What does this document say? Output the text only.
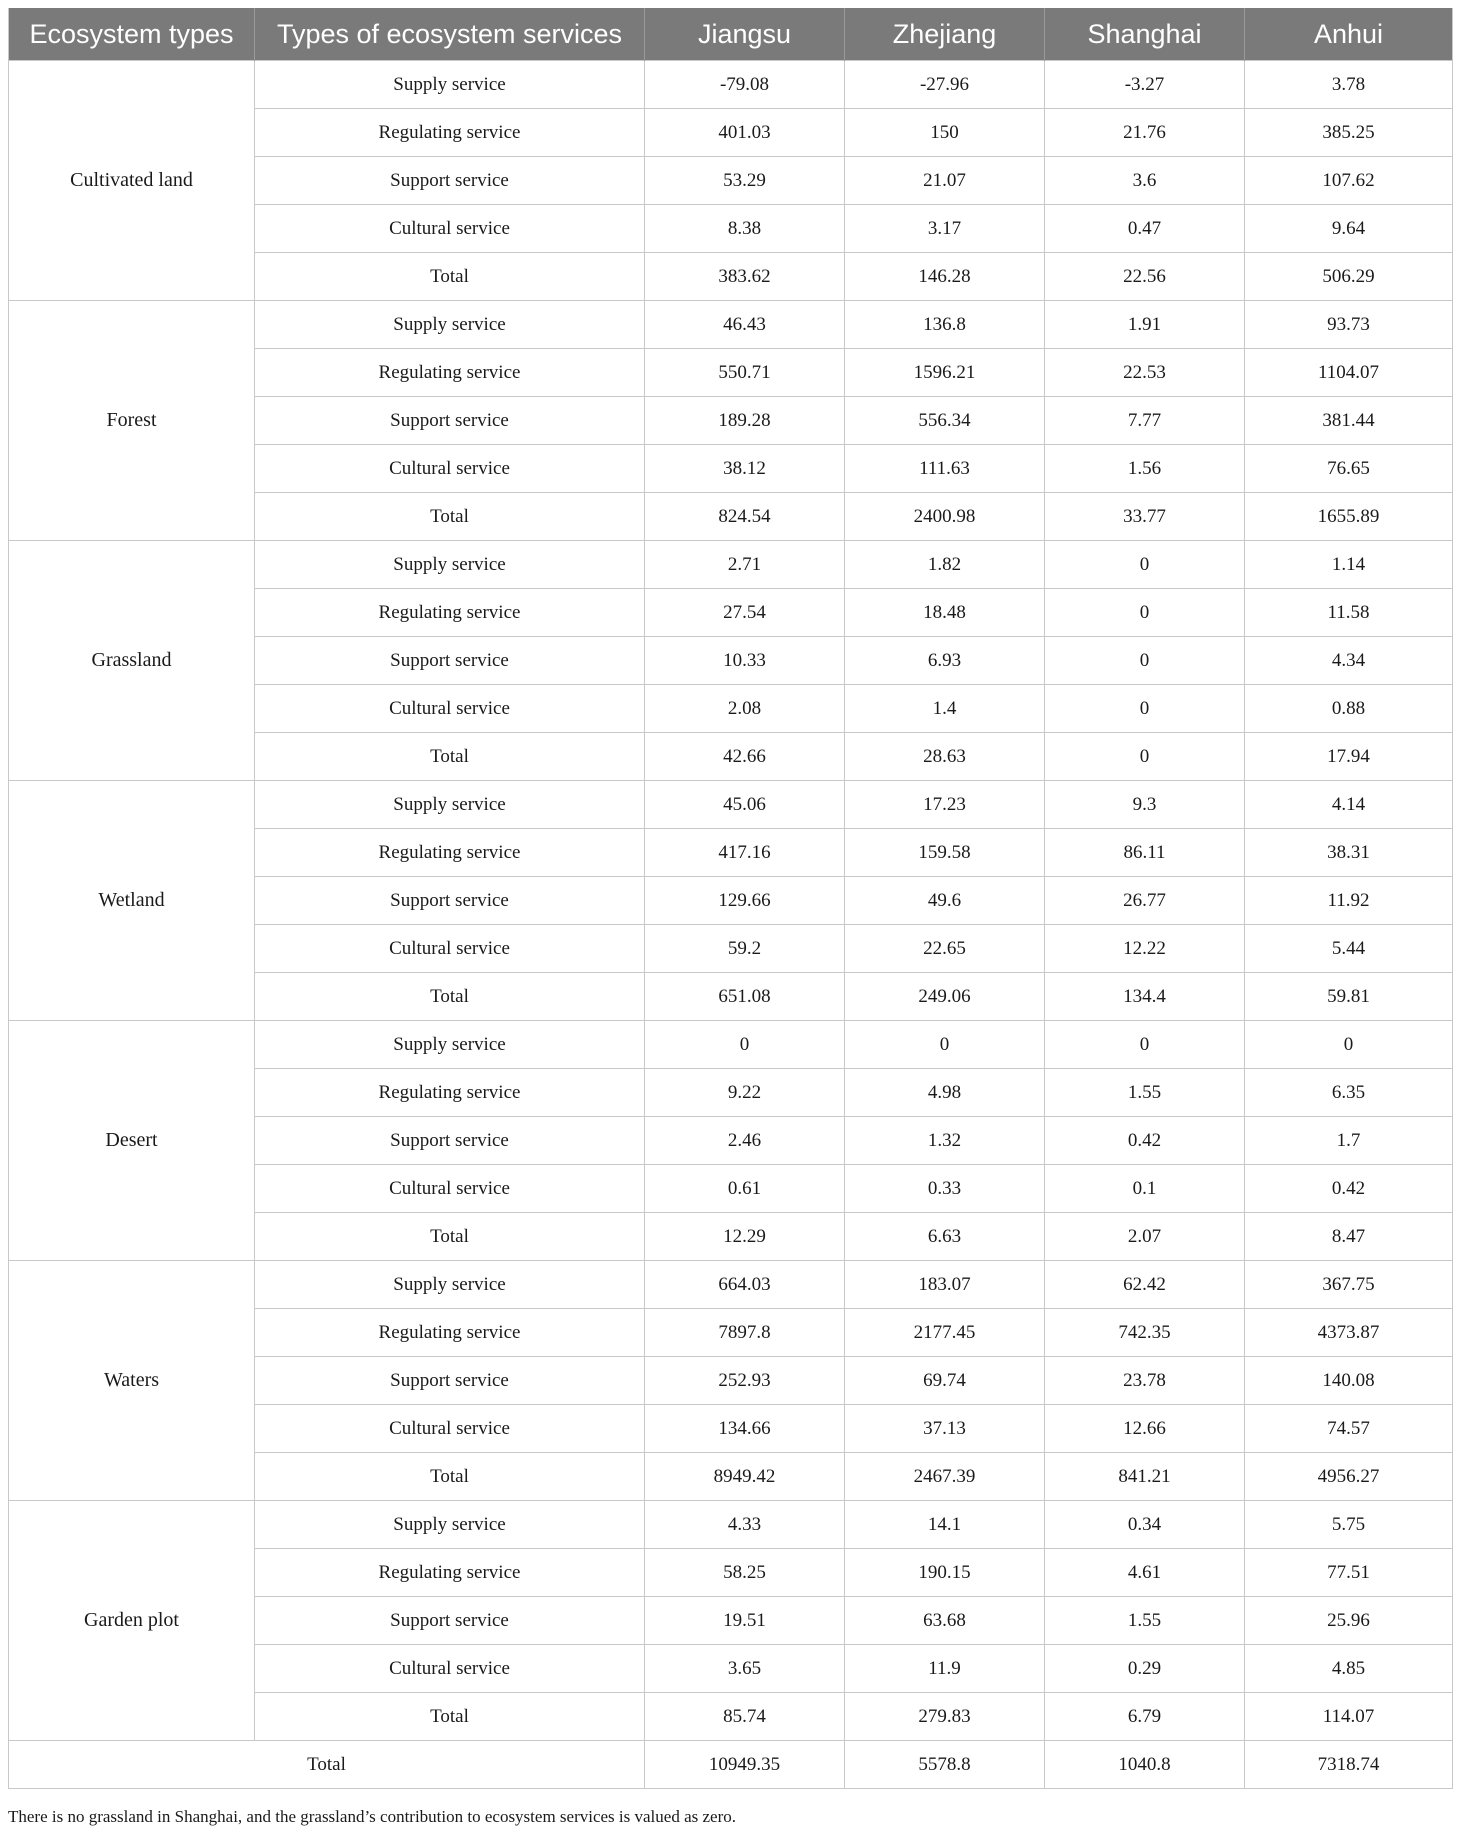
Ecosystem types	Types of ecosystem services	Jiangsu	Zhejiang	Shanghai	Anhui
Cultivated land	Supply service	-79.08	-27.96	-3.27	3.78
	Regulating service	401.03	150	21.76	385.25
	Support service	53.29	21.07	3.6	107.62
	Cultural service	8.38	3.17	0.47	9.64
	Total	383.62	146.28	22.56	506.29
Forest	Supply service	46.43	136.8	1.91	93.73
	Regulating service	550.71	1596.21	22.53	1104.07
	Support service	189.28	556.34	7.77	381.44
	Cultural service	38.12	111.63	1.56	76.65
	Total	824.54	2400.98	33.77	1655.89
Grassland	Supply service	2.71	1.82	0	1.14
	Regulating service	27.54	18.48	0	11.58
	Support service	10.33	6.93	0	4.34
	Cultural service	2.08	1.4	0	0.88
	Total	42.66	28.63	0	17.94
Wetland	Supply service	45.06	17.23	9.3	4.14
	Regulating service	417.16	159.58	86.11	38.31
	Support service	129.66	49.6	26.77	11.92
	Cultural service	59.2	22.65	12.22	5.44
	Total	651.08	249.06	134.4	59.81
Desert	Supply service	0	0	0	0
	Regulating service	9.22	4.98	1.55	6.35
	Support service	2.46	1.32	0.42	1.7
	Cultural service	0.61	0.33	0.1	0.42
	Total	12.29	6.63	2.07	8.47
Waters	Supply service	664.03	183.07	62.42	367.75
	Regulating service	7897.8	2177.45	742.35	4373.87
	Support service	252.93	69.74	23.78	140.08
	Cultural service	134.66	37.13	12.66	74.57
	Total	8949.42	2467.39	841.21	4956.27
Garden plot	Supply service	4.33	14.1	0.34	5.75
	Regulating service	58.25	190.15	4.61	77.51
	Support service	19.51	63.68	1.55	25.96
	Cultural service	3.65	11.9	0.29	4.85
	Total	85.74	279.83	6.79	114.07
Total		10949.35	5578.8	1040.8	7318.74
There is no grassland in Shanghai, and the grassland’s contribution to ecosystem services is valued as zero.
